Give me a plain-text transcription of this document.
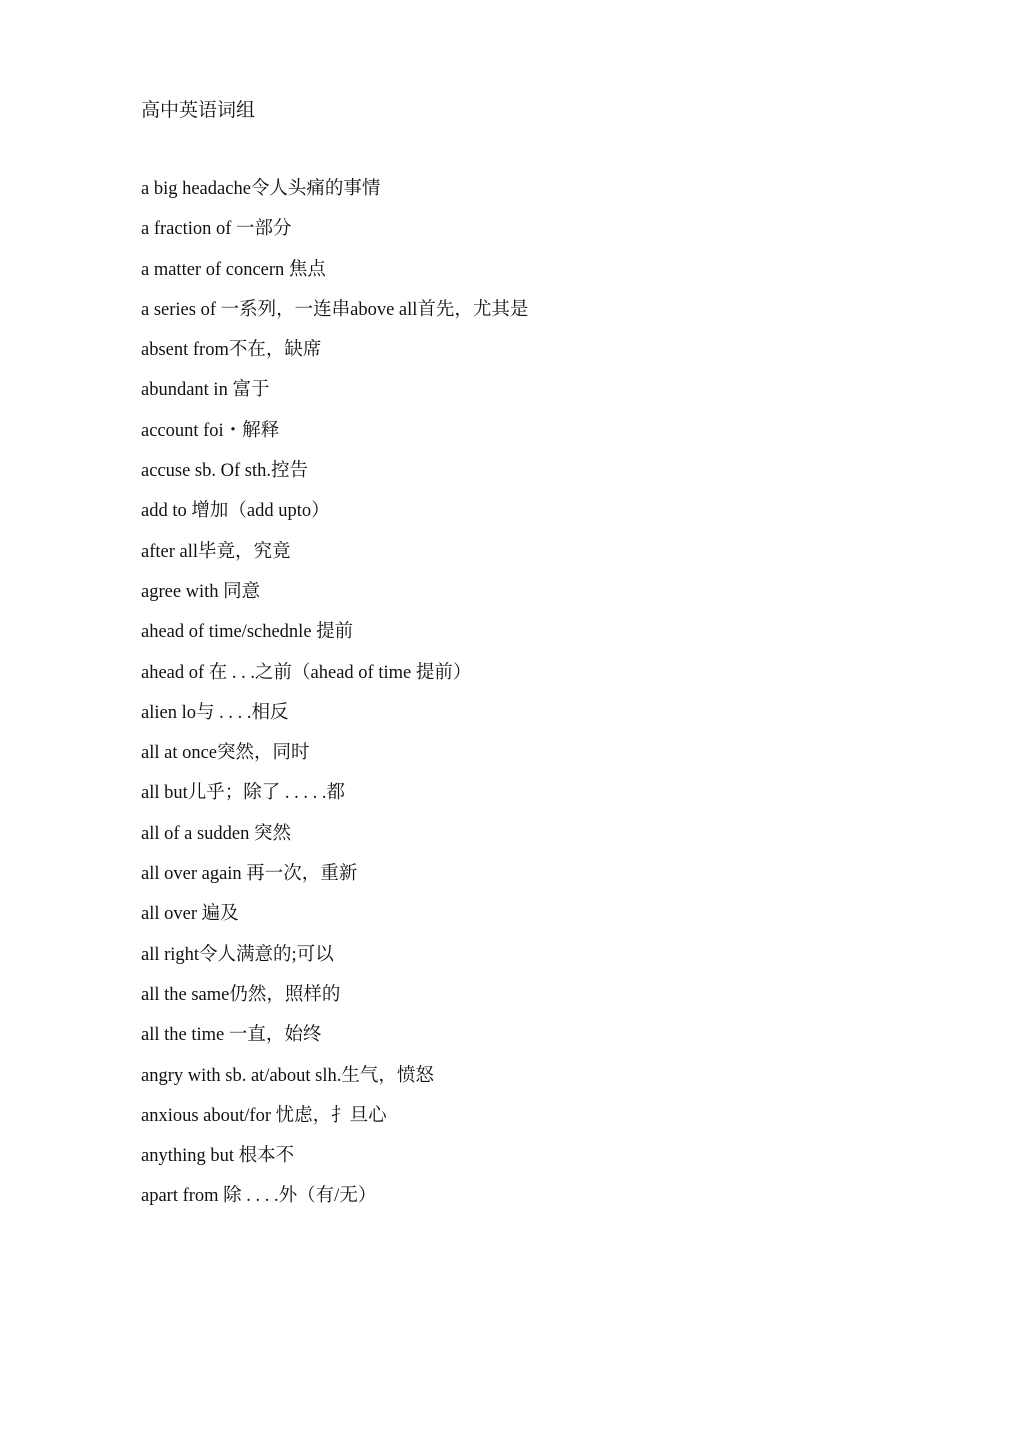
高中英语词组
a big headache令人头痛的事情
a fraction of 一部分
a matter of concern 焦点
a series of 一系列，一连串above all首先，尤其是
absent from不在，缺席
abundant in 富于
account foi・解释
accuse sb. Of sth.控告
add to 增加（add upto）
after all毕竟，究竟
agree with 同意
ahead of time/schednle 提前
ahead of 在 . . .之前（ahead of time 提前）
alien lo与 . . . .相反
all at once突然，同时
all but儿乎；除了 . . . . .都
all of a sudden 突然
all over again 再一次，重新
all over 遍及
all right令人满意的;可以
all the same仍然，照样的
all the time 一直，始终
angry with sb. at/about slh.生气，愤怒
anxious about/for 忧虑，扌旦心
anything but 根本不
apart from 除 . . . .外（有/无）
